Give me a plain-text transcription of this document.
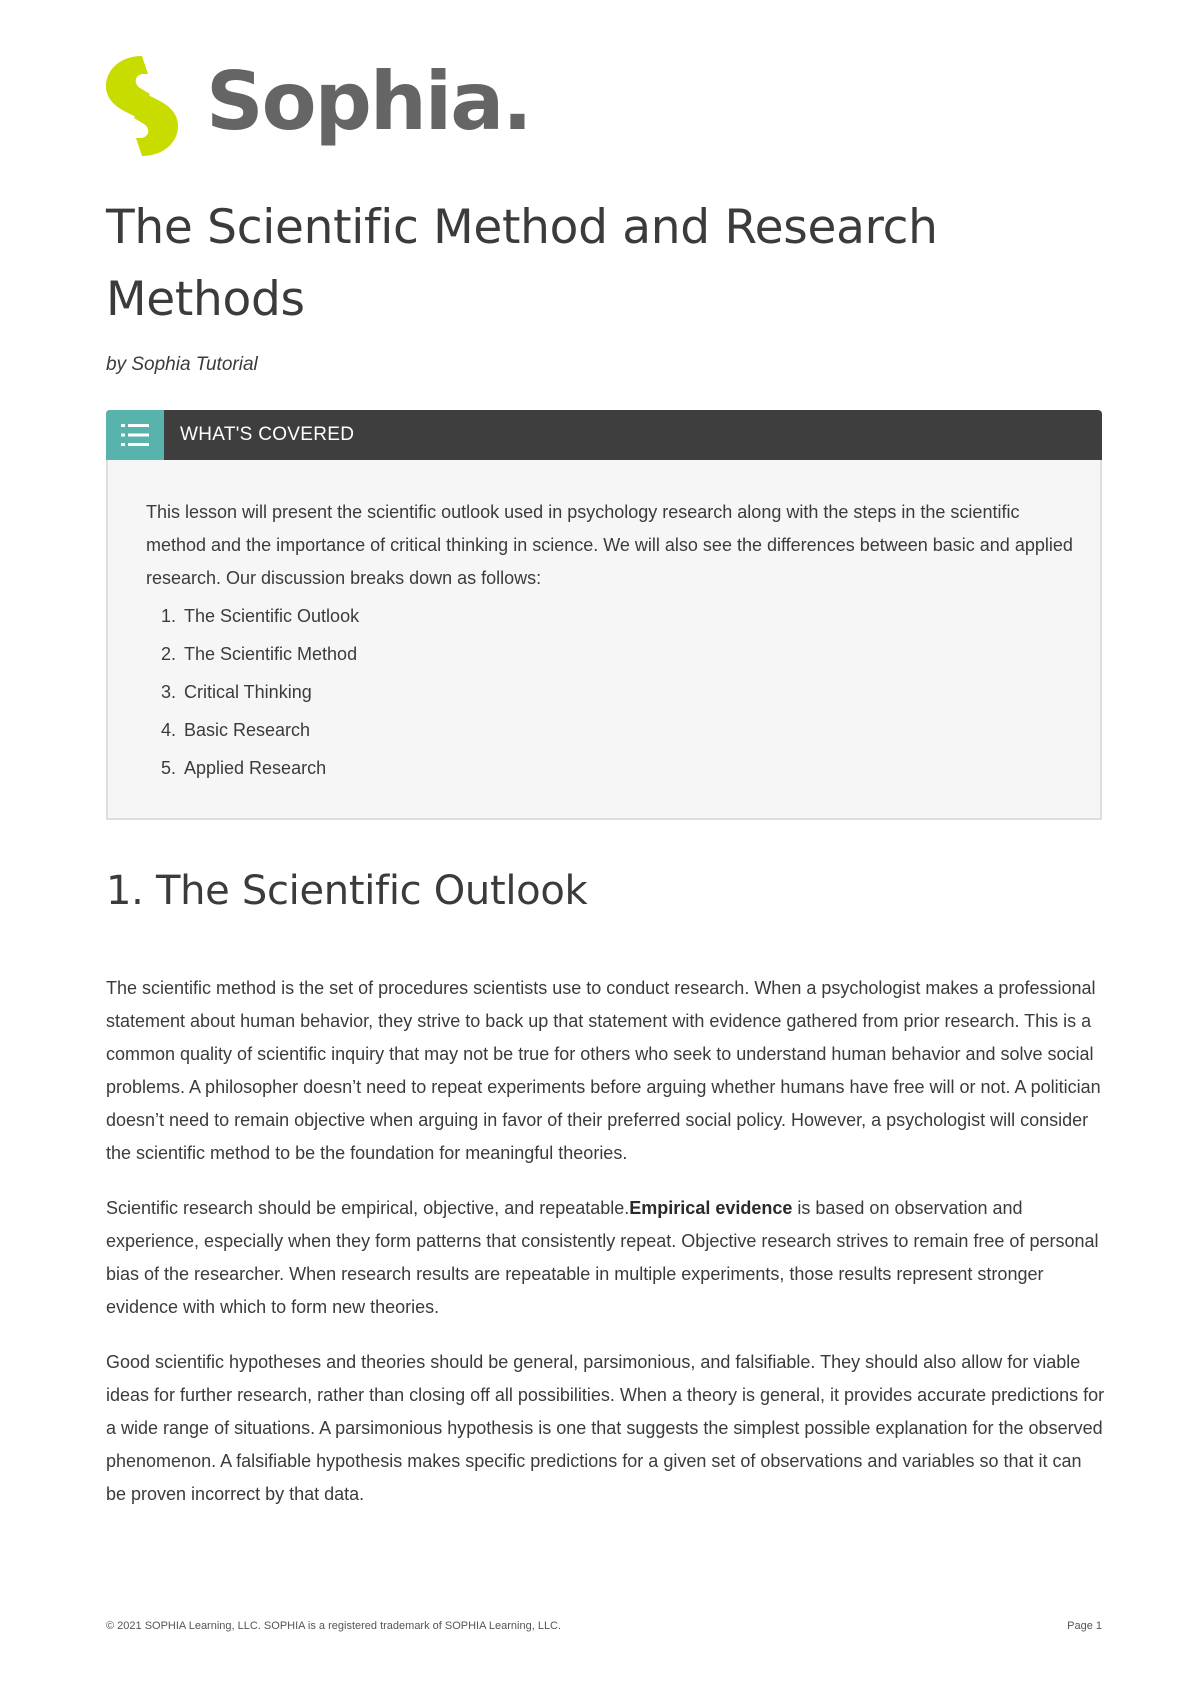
Sophia.
The Scientific Method and Research Methods
by Sophia Tutorial
WHAT'S COVERED

This lesson will present the scientific outlook used in psychology research along with the steps in the scientific method and the importance of critical thinking in science. We will also see the differences between basic and applied research. Our discussion breaks down as follows:

1. The Scientific Outlook
2. The Scientific Method
3. Critical Thinking
4. Basic Research
5. Applied Research
1. The Scientific Outlook

The scientific method is the set of procedures scientists use to conduct research. When a psychologist makes a professional statement about human behavior, they strive to back up that statement with evidence gathered from prior research. This is a common quality of scientific inquiry that may not be true for others who seek to understand human behavior and solve social problems. A philosopher doesn’t need to repeat experiments before arguing whether humans have free will or not. A politician doesn’t need to remain objective when arguing in favor of their preferred social policy. However, a psychologist will consider the scientific method to be the foundation for meaningful theories.

Scientific research should be empirical, objective, and repeatable.Empirical evidence is based on observation and experience, especially when they form patterns that consistently repeat. Objective research strives to remain free of personal bias of the researcher. When research results are repeatable in multiple experiments, those results represent stronger evidence with which to form new theories.

Good scientific hypotheses and theories should be general, parsimonious, and falsifiable. They should also allow for viable ideas for further research, rather than closing off all possibilities. When a theory is general, it provides accurate predictions for a wide range of situations. A parsimonious hypothesis is one that suggests the simplest possible explanation for the observed phenomenon. A falsifiable hypothesis makes specific predictions for a given set of observations and variables so that it can be proven incorrect by that data.

© 2021 SOPHIA Learning, LLC. SOPHIA is a registered trademark of SOPHIA Learning, LLC.	Page 1
